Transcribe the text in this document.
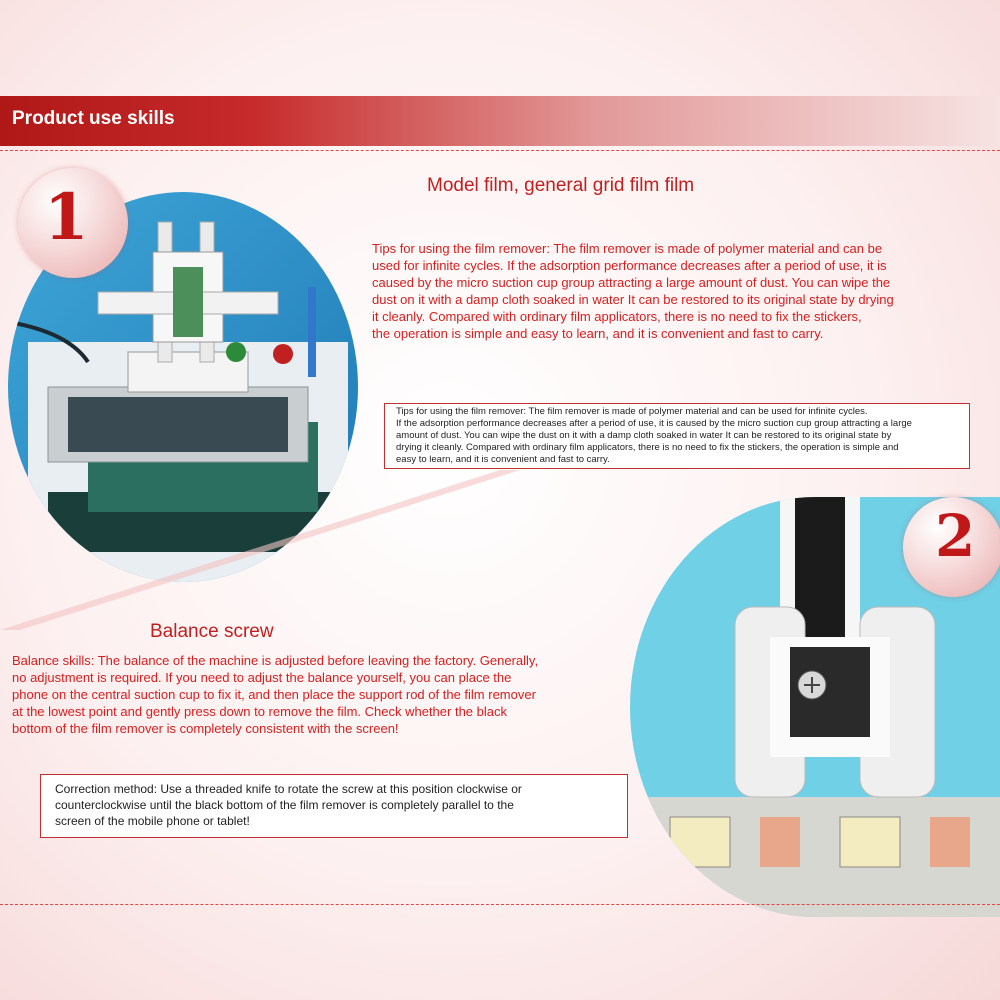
Product use skills
1	Model film, general grid film film
Tips for using the film remover: The film remover is made of polymer material and can be
used for infinite cycles. If the adsorption performance decreases after a period of use, it is
caused by the micro suction cup group attracting a large amount of dust. You can wipe the
dust on it with a damp cloth soaked in water It can be restored to its original state by drying
it cleanly. Compared with ordinary film applicators, there is no need to fix the stickers,
the operation is simple and easy to learn, and it is convenient and fast to carry.
Tips for using the film remover: The film remover is made of polymer material and can be used for infinite cycles.
If the adsorption performance decreases after a period of use, it is caused by the micro suction cup group attracting a large
amount of dust. You can wipe the dust on it with a damp cloth soaked in water It can be restored to its original state by
drying it cleanly. Compared with ordinary film applicators, there is no need to fix the stickers, the operation is simple and
easy to learn, and it is convenient and fast to carry.
2
Balance screw
Balance skills: The balance of the machine is adjusted before leaving the factory. Generally,
no adjustment is required. If you need to adjust the balance yourself, you can place the
phone on the central suction cup to fix it, and then place the support rod of the film remover
at the lowest point and gently press down to remove the film. Check whether the black
bottom of the film remover is completely consistent with the screen!
Correction method: Use a threaded knife to rotate the screw at this position clockwise or
counterclockwise until the black bottom of the film remover is completely parallel to the
screen of the mobile phone or tablet!
